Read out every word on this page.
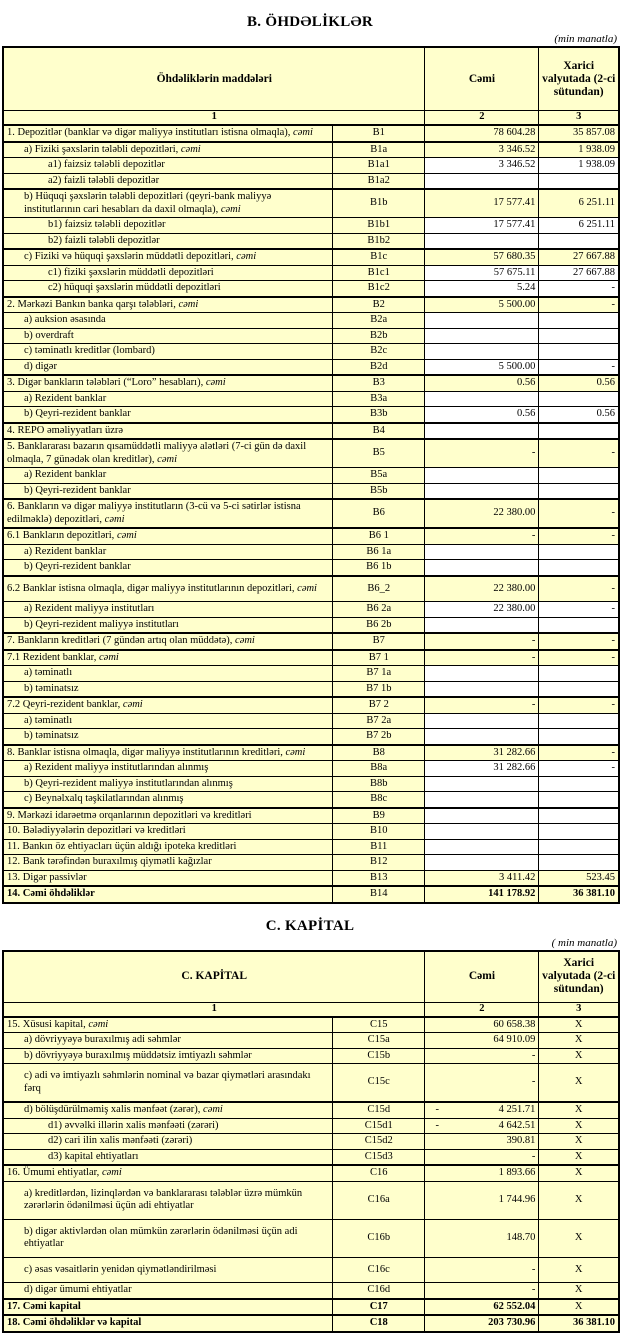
B. ÖHDƏLİKLƏR
(min manatla)
Öhdəliklərin maddələri		Cəmi	Xarici valyutada (2-ci sütundan)
1		2	3
1. Depozitlər (banklar və digər maliyyə institutları istisna olmaqla), cəmi	B1	78 604.28	35 857.08
a) Fiziki şəxslərin tələbli depozitləri, cəmi	B1a	3 346.52	1 938.09
a1) faizsiz tələbli depozitlər	B1a1	3 346.52	1 938.09
a2) faizli tələbli depozitlər	B1a2		
b) Hüquqi şəxslərin tələbli depozitləri (qeyri-bank maliyyə institutlarının cari hesabları da daxil olmaqla), cəmi	B1b	17 577.41	6 251.11
b1) faizsiz tələbli depozitlər	B1b1	17 577.41	6 251.11
b2) faizli tələbli depozitlər	B1b2		
c) Fiziki və hüquqi şəxslərin müddətli depozitləri, cəmi	B1c	57 680.35	27 667.88
c1) fiziki şəxslərin müddətli depozitləri	B1c1	57 675.11	27 667.88
c2) hüquqi şəxslərin müddətli depozitləri	B1c2	5.24	-
2. Mərkəzi Bankın banka qarşı tələbləri, cəmi	B2	5 500.00	-
a) auksion əsasında	B2a		
b) overdraft	B2b		
c) təminatlı kreditlər (lombard)	B2c		
d) digər	B2d	5 500.00	-
3. Digər bankların tələbləri (“Loro” hesabları), cəmi	B3	0.56	0.56
a) Rezident banklar	B3a		
b) Qeyri-rezident banklar	B3b	0.56	0.56
4. REPO əməliyyatları üzrə	B4		
5. Banklararası bazarın qısamüddətli maliyyə alətləri (7-ci gün də daxil olmaqla, 7 günədək olan kreditlər), cəmi	B5	-	-
a) Rezident banklar	B5a		
b) Qeyri-rezident banklar	B5b		
6. Bankların və digər maliyyə institutların (3-cü və 5-ci sətirlər istisna edilməklə) depozitləri, cəmi	B6	22 380.00	-
6.1 Bankların depozitləri, cəmi	B6 1	-	-
a) Rezident banklar	B6 1a		
b) Qeyri-rezident banklar	B6 1b		
6.2 Banklar istisna olmaqla, digər maliyyə institutlarının depozitləri, cəmi	B6_2	22 380.00	-
a) Rezident maliyyə institutları	B6 2a	22 380.00	-
b) Qeyri-rezident maliyyə institutları	B6 2b		
7. Bankların kreditləri (7 gündən artıq olan müddətə), cəmi	B7	-	-
7.1 Rezident banklar, cəmi	B7 1	-	-
a) təminatlı	B7 1a		
b) təminatsız	B7 1b		
7.2 Qeyri-rezident banklar, cəmi	B7 2	-	-
a) təminatlı	B7 2a		
b) təminatsız	B7 2b		
8. Banklar istisna olmaqla, digər maliyyə institutlarının kreditləri, cəmi	B8	31 282.66	-
a) Rezident maliyyə institutlarından alınmış	B8a	31 282.66	-
b) Qeyri-rezident maliyyə institutlarından alınmış	B8b		
c) Beynəlxalq təşkilatlarından alınmış	B8c		
9. Mərkəzi idarəetmə orqanlarının depozitləri və kreditləri	B9		
10. Bələdiyyələrin depozitləri və kreditləri	B10		
11. Bankın öz ehtiyacları üçün aldığı ipoteka kreditləri	B11		
12. Bank tərəfindən buraxılmış qiymətli kağızlar	B12		
13. Digər passivlər	B13	3 411.42	523.45
14. Cəmi öhdəliklər	B14	141 178.92	36 381.10
C. KAPİTAL
( min manatla)
C. KAPİTAL		Cəmi	Xarici valyutada (2-ci sütundan)
1		2	3
15. Xüsusi kapital, cəmi	C15	60 658.38	X
a) dövriyyəyə buraxılmış adi səhmlər	C15a	64 910.09	X
b) dövriyyəyə buraxılmış müddətsiz imtiyazlı səhmlər	C15b	-	X
c) adi və imtiyazlı səhmlərin nominal və bazar qiymətləri arasındakı fərq	C15c	-	X
d) bölüşdürülməmiş xalis mənfəət (zərər), cəmi	C15d	- 4 251.71	X
d1) əvvəlki illərin xalis mənfəəti (zərəri)	C15d1	- 4 642.51	X
d2) cari ilin xalis mənfəəti (zərəri)	C15d2	390.81	X
d3) kapital ehtiyatları	C15d3	-	X
16. Ümumi ehtiyatlar, cəmi	C16	1 893.66	X
a) kreditlərdən, lizinqlərdən və banklararası tələblər üzrə mümkün zərərlərin ödənilməsi üçün adi ehtiyatlar	C16a	1 744.96	X
b) digər aktivlərdən olan mümkün zərərlərin ödənilməsi üçün adi ehtiyatlar	C16b	148.70	X
c) əsas vəsaitlərin yenidən qiymətləndirilməsi	C16c	-	X
d) digər ümumi ehtiyatlar	C16d	-	X
17. Cəmi kapital	C17	62 552.04	X
18. Cəmi öhdəliklər və kapital	C18	203 730.96	36 381.10
